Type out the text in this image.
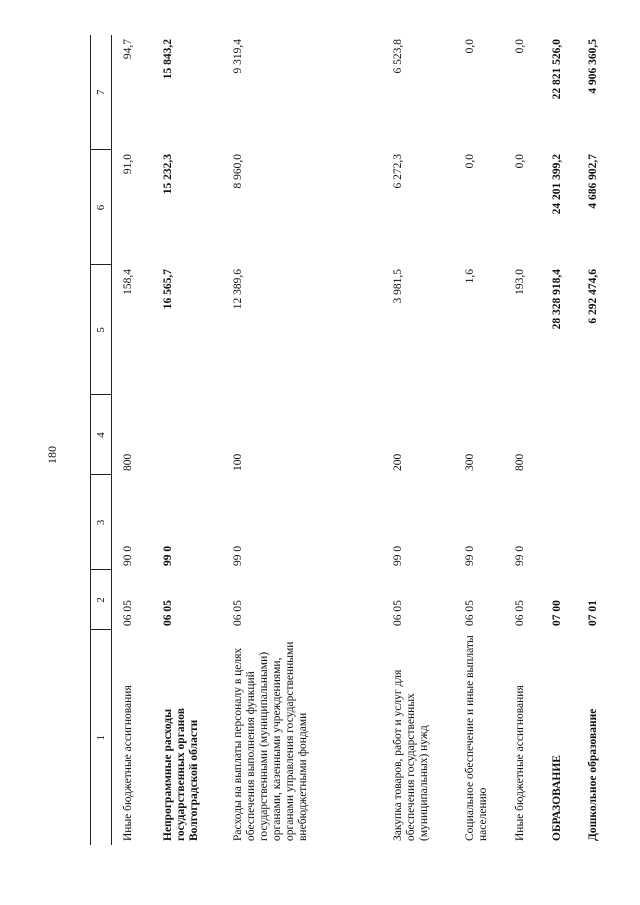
180
1	2	3	4	5	6	7
Иные бюджетные ассигнования	06 05	90 0	800	158,4	91,0	94,7
Непрограммные расходы государственных органов Волгоградской области	06 05	99 0		16 565,7	15 232,3	15 843,2
Расходы на выплаты персоналу в целях обеспечения выполнения функций государственными (муниципальными) органами, казенными учреждениями, органами управления государственными внебюджетными фондами	06 05	99 0	100	12 389,6	8 960,0	9 319,4
Закупка товаров, работ и услуг для обеспечения государственных (муниципальных) нужд	06 05	99 0	200	3 981,5	6 272,3	6 523,8
Социальное обеспечение и иные выплаты населению	06 05	99 0	300	1,6	0,0	0,0
Иные бюджетные ассигнования	06 05	99 0	800	193,0	0,0	0,0
ОБРАЗОВАНИЕ	07 00			28 328 918,4	24 201 399,2	22 821 526,0
Дошкольное образование	07 01			6 292 474,6	4 686 902,7	4 906 360,5
